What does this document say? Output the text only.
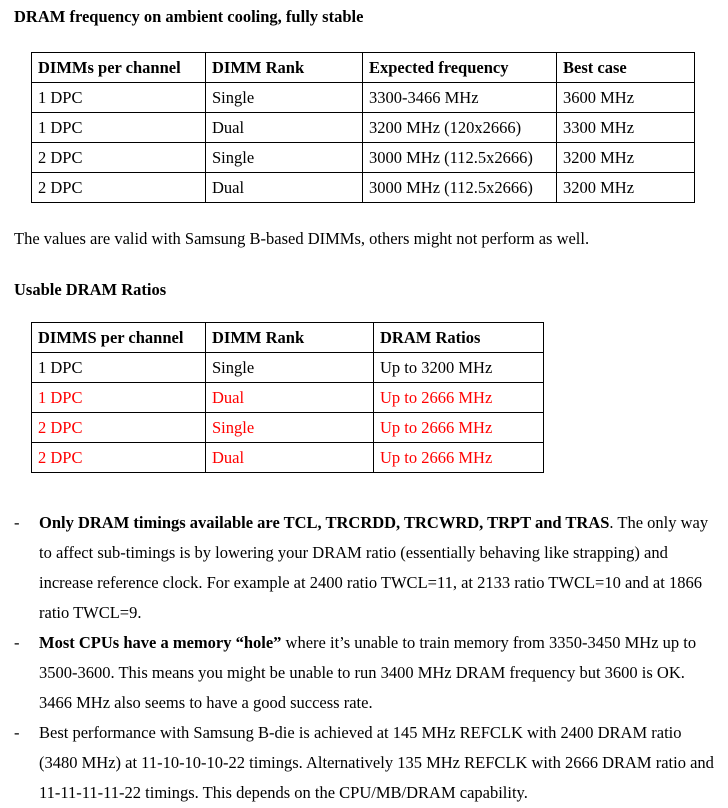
DRAM frequency on ambient cooling, fully stable
DIMMs per channel	DIMM Rank	Expected frequency	Best case
1 DPC	Single	3300-3466 MHz	3600 MHz
1 DPC	Dual	3200 MHz (120x2666)	3300 MHz
2 DPC	Single	3000 MHz (112.5x2666)	3200 MHz
2 DPC	Dual	3000 MHz (112.5x2666)	3200 MHz

The values are valid with Samsung B-based DIMMs, others might not perform as well.

Usable DRAM Ratios
DIMMS per channel	DIMM Rank	DRAM Ratios
1 DPC	Single	Up to 3200 MHz
1 DPC	Dual	Up to 2666 MHz
2 DPC	Single	Up to 2666 MHz
2 DPC	Dual	Up to 2666 MHz
- Only DRAM timings available are TCL, TRCRDD, TRCWRD, TRPT and TRAS. The only way to affect sub-timings is by lowering your DRAM ratio (essentially behaving like strapping) and increase reference clock. For example at 2400 ratio TWCL=11, at 2133 ratio TWCL=10 and at 1866 ratio TWCL=9.
- Most CPUs have a memory “hole” where it’s unable to train memory from 3350-3450 MHz up to 3500-3600. This means you might be unable to run 3400 MHz DRAM frequency but 3600 is OK. 3466 MHz also seems to have a good success rate.
- Best performance with Samsung B-die is achieved at 145 MHz REFCLK with 2400 DRAM ratio (3480 MHz) at 11-10-10-10-22 timings. Alternatively 135 MHz REFCLK with 2666 DRAM ratio and 11-11-11-11-22 timings. This depends on the CPU/MB/DRAM capability.
